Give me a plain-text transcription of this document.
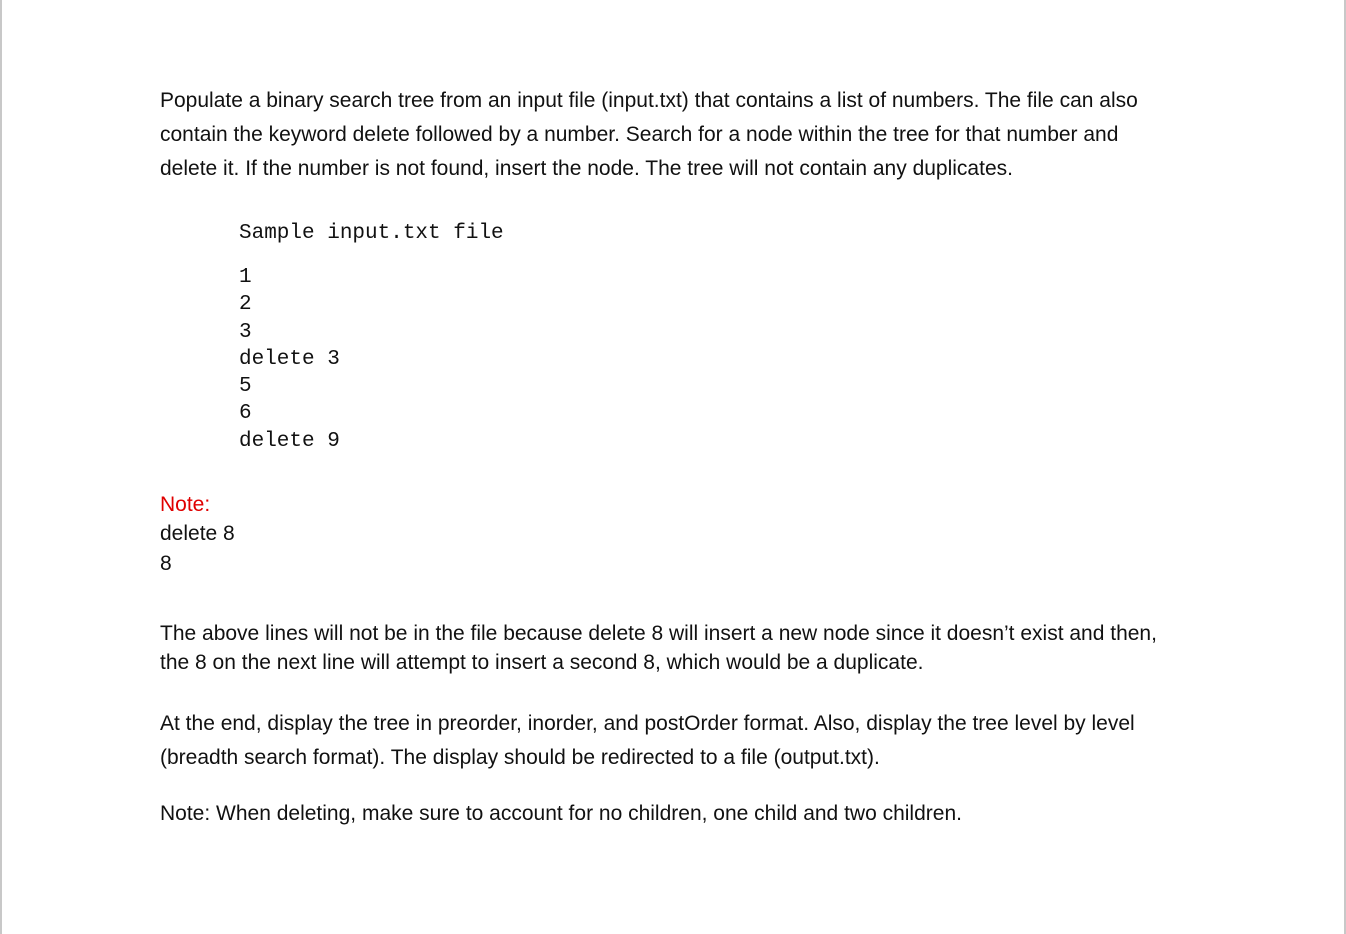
Populate a binary search tree from an input file (input.txt) that contains a list of numbers. The file can also contain the keyword delete followed by a number. Search for a node within the tree for that number and delete it. If the number is not found, insert the node. The tree will not contain any duplicates.

Sample input.txt file
1
2
3
delete 3
5
6
delete 9
Note:
delete 8
8

The above lines will not be in the file because delete 8 will insert a new node since it doesn’t exist and then, the 8 on the next line will attempt to insert a second 8, which would be a duplicate.

At the end, display the tree in preorder, inorder, and postOrder format. Also, display the tree level by level (breadth search format). The display should be redirected to a file (output.txt).

Note: When deleting, make sure to account for no children, one child and two children.
